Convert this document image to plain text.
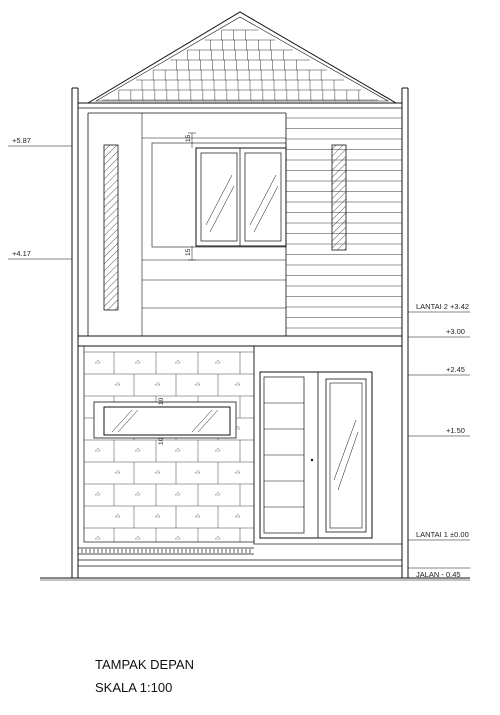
15
15
10
10
+5.87
+4.17
LANTAI 2 +3.42
+3.00
+2.45
+1.50
LANTAI 1 ±0.00
JALAN - 0.45
TAMPAK DEPAN
SKALA 1:100
